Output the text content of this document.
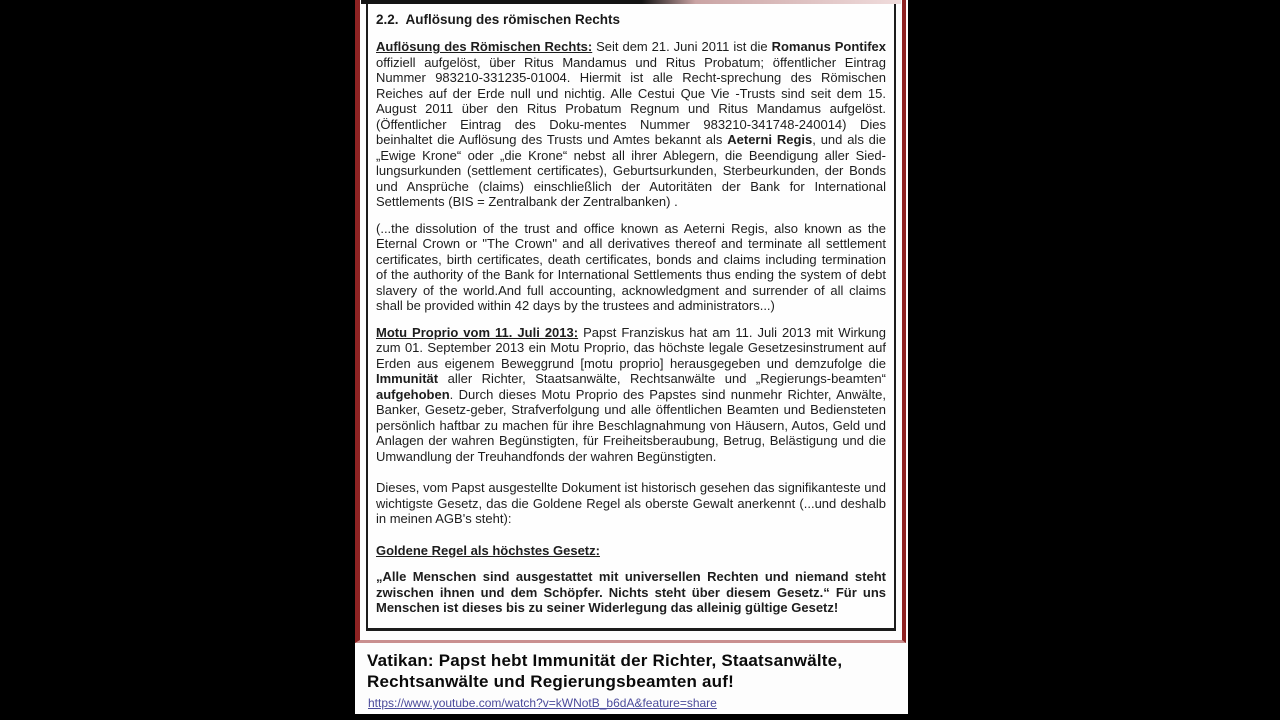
2.2.  Auflösung des römischen Rechts

Auflösung des Römischen Rechts: Seit dem 21. Juni 2011 ist die Romanus Pontifex offiziell aufgelöst, über Ritus Mandamus und Ritus Probatum; öffentlicher Eintrag Nummer 983210-331235-01004. Hiermit ist alle Recht-sprechung des Römischen Reiches auf der Erde null und nichtig. Alle Cestui Que Vie -Trusts sind seit dem 15. August 2011 über den Ritus Probatum Regnum und Ritus Mandamus aufgelöst. (Öffentlicher Eintrag des Doku-mentes Nummer 983210-341748-240014) Dies beinhaltet die Auflösung des Trusts und Amtes bekannt als Aeterni Regis, und als die „Ewige Krone“ oder „die Krone“ nebst all ihrer Ablegern, die Beendigung aller Sied-lungsurkunden (settlement certificates), Geburtsurkunden, Sterbeurkunden, der Bonds und Ansprüche (claims) einschließlich der Autoritäten der Bank for International Settlements (BIS = Zentralbank der Zentralbanken) .

(...the dissolution of the trust and office known as Aeterni Regis, also known as the Eternal Crown or "The Crown" and all derivatives thereof and terminate all settlement certificates, birth certificates, death certificates, bonds and claims including termination of the authority of the Bank for International Settlements thus ending the system of debt slavery of the world.And full accounting, acknowledgment and surrender of all claims shall be provided within 42 days by the trustees and administrators...)

Motu Proprio vom 11. Juli 2013: Papst Franziskus hat am 11. Juli 2013 mit Wirkung zum 01. September 2013 ein Motu Proprio, das höchste legale Gesetzesinstrument auf Erden aus eigenem Beweggrund [motu proprio] herausgegeben und demzufolge die Immunität aller Richter, Staatsanwälte, Rechtsanwälte und „Regierungs-beamten“ aufgehoben. Durch dieses Motu Proprio des Papstes sind nunmehr Richter, Anwälte, Banker, Gesetz-geber, Strafverfolgung und alle öffentlichen Beamten und Bediensteten persönlich haftbar zu machen für ihre Beschlagnahmung von Häusern, Autos, Geld und Anlagen der wahren Begünstigten, für Freiheitsberaubung, Betrug, Belästigung und die Umwandlung der Treuhandfonds der wahren Begünstigten.

Dieses, vom Papst ausgestellte Dokument ist historisch gesehen das signifikanteste und wichtigste Gesetz, das die Goldene Regel als oberste Gewalt anerkennt (...und deshalb in meinen AGB's steht):

Goldene Regel als höchstes Gesetz:

„Alle Menschen sind ausgestattet mit universellen Rechten und niemand steht zwischen ihnen und dem Schöpfer. Nichts steht über diesem Gesetz.“ Für uns Menschen ist dieses bis zu seiner Widerlegung das alleinig gültige Gesetz!

Vatikan: Papst hebt Immunität der Richter, Staatsanwälte,
Rechtsanwälte und Regierungsbeamten auf!
https://www.youtube.com/watch?v=kWNotB_b6dA&feature=share
